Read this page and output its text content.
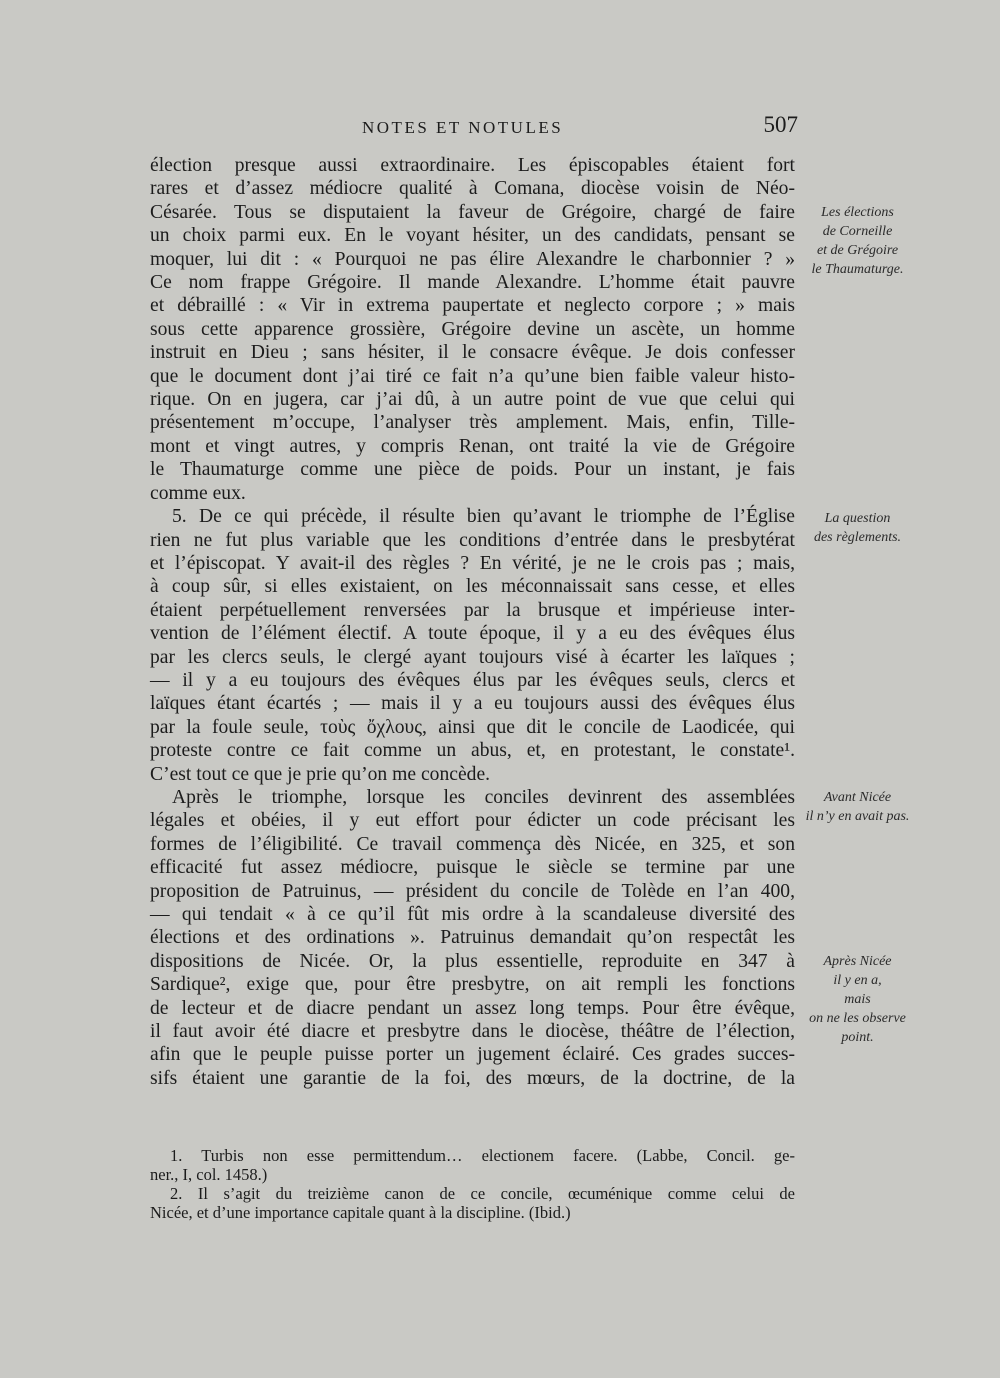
NOTES ET NOTULES	507
élection presque aussi extraordinaire. Les épiscopables étaient fort
rares et d’assez médiocre qualité à Comana, diocèse voisin de Néo-
Césarée. Tous se disputaient la faveur de Grégoire, chargé de faire
un choix parmi eux. En le voyant hésiter, un des candidats, pensant se
moquer, lui dit : « Pourquoi ne pas élire Alexandre le charbonnier ? »
Ce nom frappe Grégoire. Il mande Alexandre. L’homme était pauvre
et débraillé : « Vir in extrema paupertate et neglecto corpore ; » mais
sous cette apparence grossière, Grégoire devine un ascète, un homme
instruit en Dieu ; sans hésiter, il le consacre évêque. Je dois confesser
que le document dont j’ai tiré ce fait n’a qu’une bien faible valeur histo-
rique. On en jugera, car j’ai dû, à un autre point de vue que celui qui
présentement m’occupe, l’analyser très amplement. Mais, enfin, Tille-
mont et vingt autres, y compris Renan, ont traité la vie de Grégoire
le Thaumaturge comme une pièce de poids. Pour un instant, je fais
comme eux.
5. De ce qui précède, il résulte bien qu’avant le triomphe de l’Église
rien ne fut plus variable que les conditions d’entrée dans le presbytérat
et l’épiscopat. Y avait-il des règles ? En vérité, je ne le crois pas ; mais,
à coup sûr, si elles existaient, on les méconnaissait sans cesse, et elles
étaient perpétuellement renversées par la brusque et impérieuse inter-
vention de l’élément électif. A toute époque, il y a eu des évêques élus
par les clercs seuls, le clergé ayant toujours visé à écarter les laïques ;
— il y a eu toujours des évêques élus par les évêques seuls, clercs et
laïques étant écartés ; — mais il y a eu toujours aussi des évêques élus
par la foule seule, τοὺς ὄχλους, ainsi que dit le concile de Laodicée, qui
proteste contre ce fait comme un abus, et, en protestant, le constate¹.
C’est tout ce que je prie qu’on me concède.
Après le triomphe, lorsque les conciles devinrent des assemblées
légales et obéies, il y eut effort pour édicter un code précisant les
formes de l’éligibilité. Ce travail commença dès Nicée, en 325, et son
efficacité fut assez médiocre, puisque le siècle se termine par une
proposition de Patruinus, — président du concile de Tolède en l’an 400,
— qui tendait « à ce qu’il fût mis ordre à la scandaleuse diversité des
élections et des ordinations ». Patruinus demandait qu’on respectât les
dispositions de Nicée. Or, la plus essentielle, reproduite en 347 à
Sardique², exige que, pour être presbytre, on ait rempli les fonctions
de lecteur et de diacre pendant un assez long temps. Pour être évêque,
il faut avoir été diacre et presbytre dans le diocèse, théâtre de l’élection,
afin que le peuple puisse porter un jugement éclairé. Ces grades succes-
sifs étaient une garantie de la foi, des mœurs, de la doctrine, de la
Les élections
de Corneille
et de Grégoire
le Thaumaturge.
La question
des règlements.
Avant Nicée
il n’y en avait pas.
Après Nicée
il y en a,
mais
on ne les observe
point.
1. Turbis non esse permittendum… electionem facere. (Labbe, Concil. ge-
ner., I, col. 1458.)
2. Il s’agit du treizième canon de ce concile, œcuménique comme celui de
Nicée, et d’une importance capitale quant à la discipline. (Ibid.)
